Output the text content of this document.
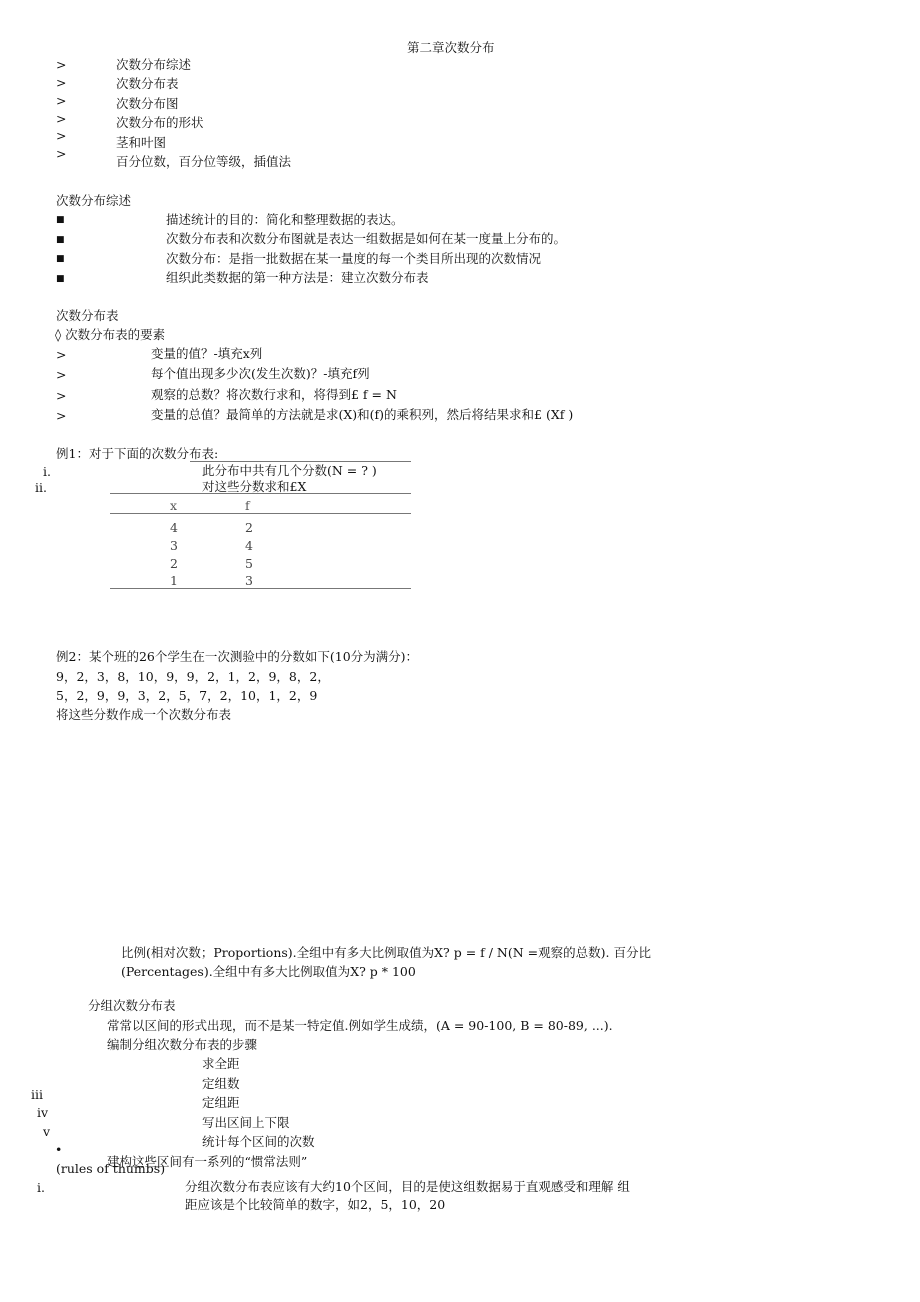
第二章次数分布
>
>
>
>
>
>
次数分布综述
次数分布表
次数分布图
次数分布的形状
茎和叶图
百分位数，百分位等级，插值法
次数分布综述
■
■
■
■
描述统计的目的：简化和整理数据的表达。
次数分布表和次数分布图就是表达一组数据是如何在某一度量上分布的。
次数分布：是指一批数据在某一量度的每一个类目所出现的次数情况
组织此类数据的第一种方法是：建立次数分布表
次数分布表
◊ 次数分布表的要素
>
>
>
>
变量的值？-填充x列
每个值出现多少次(发生次数)？-填充f列
观察的总数？将次数行求和，将得到£ f = N
变量的总值？最简单的方法就是求(X)和(f)的乘积列，然后将结果求和£ (Xf )
例1：对于下面的次数分布表:
i.
ii.
此分布中共有几个分数(N = ? )
对这些分数求和£X
x	f
4	2
3	4
2	5
1	3
例2：某个班的26个学生在一次测验中的分数如下(10分为满分)：
9，2，3，8，10，9，9，2，1，2，9，8，2，
5，2，9，9，3，2，5，7，2，10，1，2，9
将这些分数作成一个次数分布表
比例(相对次数；Proportions).全组中有多大比例取值为X? p = f / N(N =观察的总数). 百分比
(Percentages).全组中有多大比例取值为X? p * 100
分组次数分布表
常常以区间的形式出现，而不是某一特定值.例如学生成绩，(A = 90-100, B = 80-89, ...).
编制分组次数分布表的步骤
求全距
定组数
定组距
写出区间上下限
统计每个区间的次数
iii
iv
v
•
建构这些区间有一系列的“惯常法则”
(rules of thumbs)
i.	分组次数分布表应该有大约10个区间，目的是使这组数据易于直观感受和理解 组
距应该是个比较简单的数字，如2，5，10，20
